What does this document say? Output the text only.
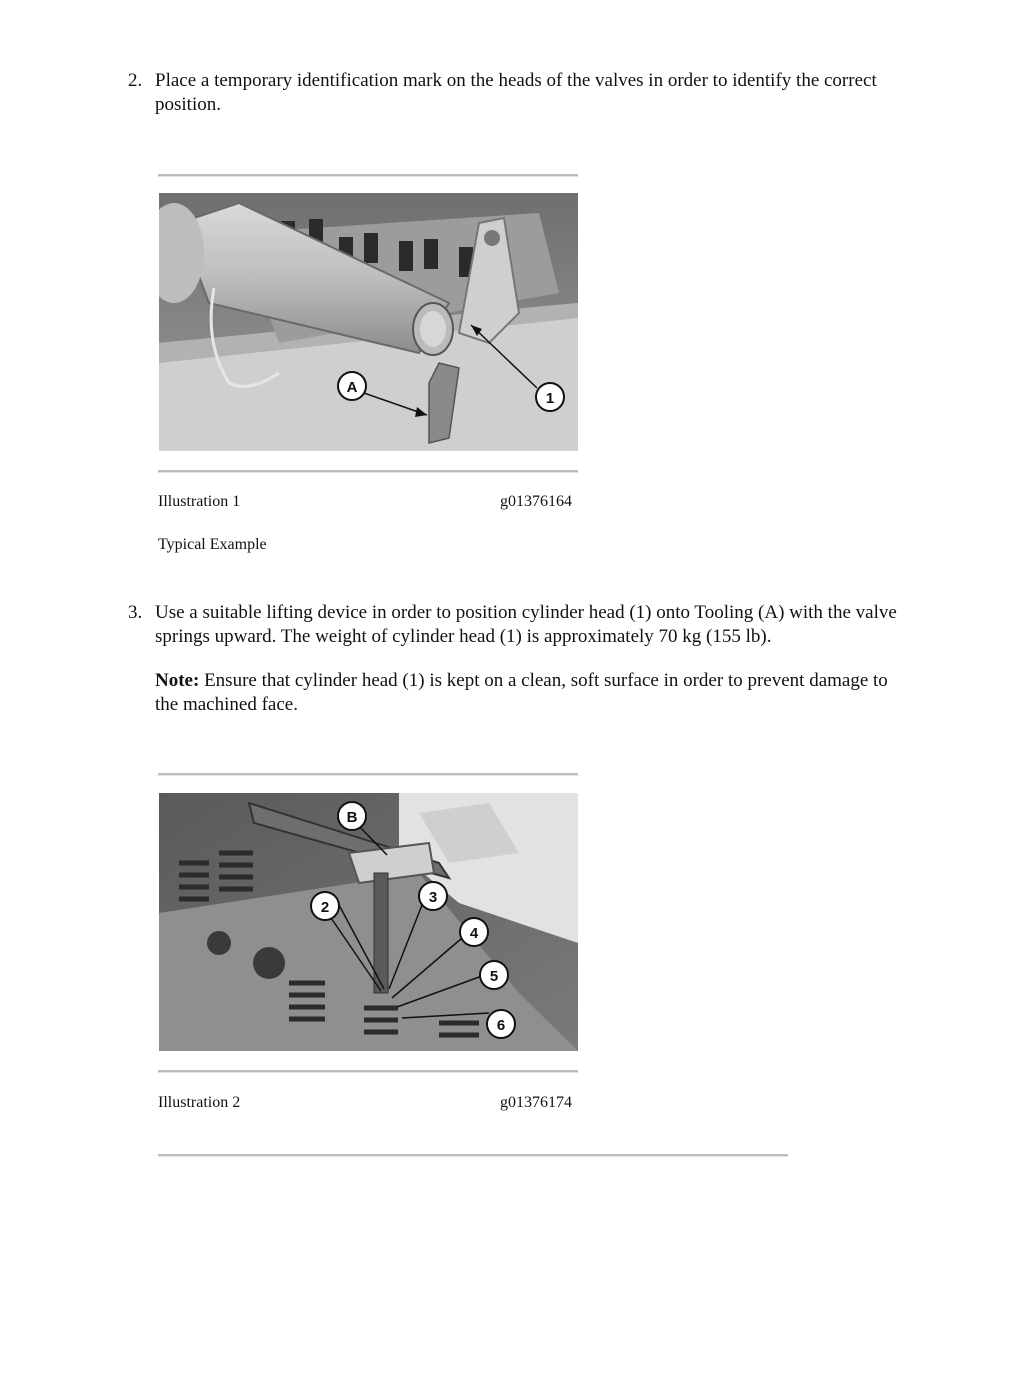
2. Place a temporary identification mark on the heads of the valves in order to identify the correct position.
A
1
Illustration 1	g01376164
Typical Example
3. Use a suitable lifting device in order to position cylinder head (1) onto Tooling (A) with the valve springs upward. The weight of cylinder head (1) is approximately 70 kg (155 lb).
Note: Ensure that cylinder head (1) is kept on a clean, soft surface in order to prevent damage to the machined face.
B
2
3
4
5
6
Illustration 2	g01376174
